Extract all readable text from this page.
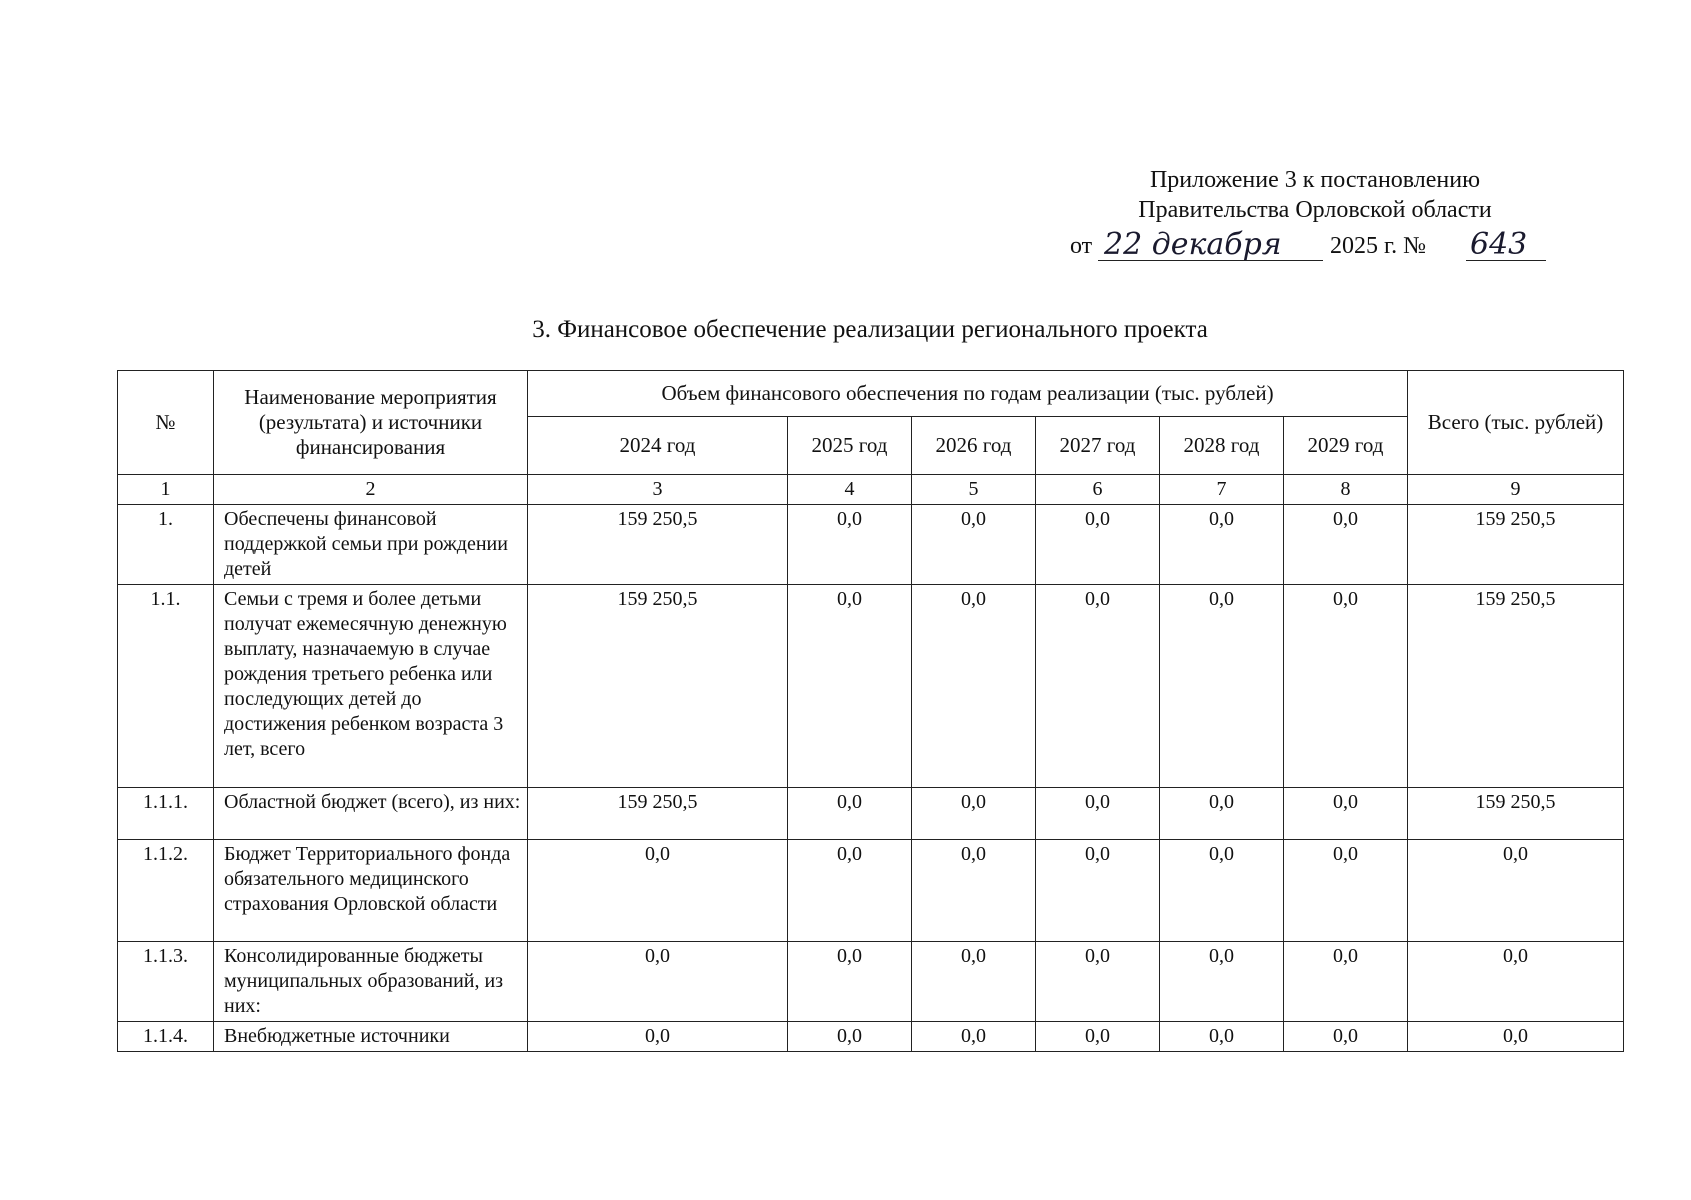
Приложение 3 к постановлению
Правительства Орловской области
от 22 декабря 2025 г. № 643
3. Финансовое обеспечение реализации регионального проекта
№	Наименование мероприятия (результата) и источники финансирования	Объем финансового обеспечения по годам реализации (тыс. рублей)						Всего (тыс. рублей)
		2024 год	2025 год	2026 год	2027 год	2028 год	2029 год	
1	2	3	4	5	6	7	8	9
1.	Обеспечены финансовой поддержкой семьи при рождении детей	159 250,5	0,0	0,0	0,0	0,0	0,0	159 250,5
1.1.	Семьи с тремя и более детьми получат ежемесячную денежную выплату, назначаемую в случае рождения третьего ребенка или последующих детей до достижения ребенком возраста 3 лет, всего	159 250,5	0,0	0,0	0,0	0,0	0,0	159 250,5
1.1.1.	Областной бюджет (всего), из них:	159 250,5	0,0	0,0	0,0	0,0	0,0	159 250,5
1.1.2.	Бюджет Территориального фонда обязательного медицинского страхования Орловской области	0,0	0,0	0,0	0,0	0,0	0,0	0,0
1.1.3.	Консолидированные бюджеты муниципальных образований, из них:	0,0	0,0	0,0	0,0	0,0	0,0	0,0
1.1.4.	Внебюджетные источники	0,0	0,0	0,0	0,0	0,0	0,0	0,0
